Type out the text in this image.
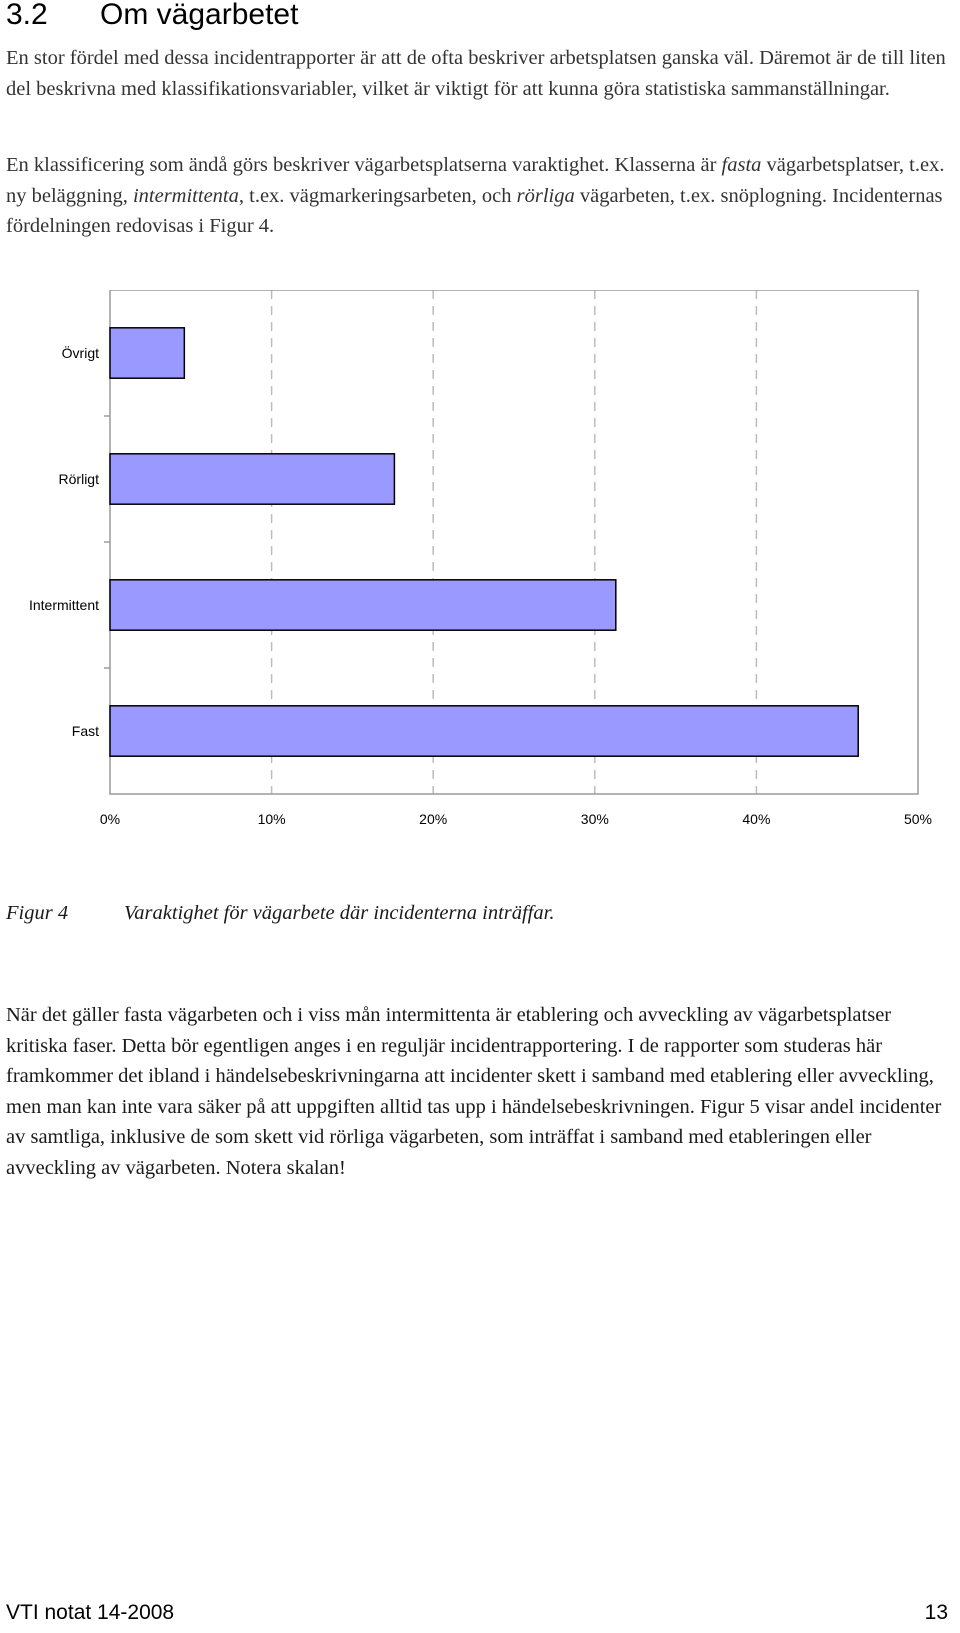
3.2 Om vägarbetet

En stor fördel med dessa incidentrapporter är att de ofta beskriver arbetsplatsen ganska väl. Däremot är de till liten del beskrivna med klassifikationsvariabler, vilket är viktigt för att kunna göra statistiska sammanställningar.

En klassificering som ändå görs beskriver vägarbetsplatserna varaktighet. Klasserna är fasta vägarbetsplatser, t.ex. ny beläggning, intermittenta, t.ex. vägmarkeringsarbeten, och rörliga vägarbeten, t.ex. snöplogning. Incidenternas fördelningen redovisas i Figur 4.

Övrigt
Rörligt
Intermittent
Fast
0%	10%	20%	30%	40%	50%
Figur 4	Varaktighet för vägarbete där incidenterna inträffar.

När det gäller fasta vägarbeten och i viss mån intermittenta är etablering och avveckling av vägarbetsplatser kritiska faser. Detta bör egentligen anges i en reguljär incidentrapportering. I de rapporter som studeras här framkommer det ibland i händelsebeskrivningarna att incidenter skett i samband med etablering eller avveckling, men man kan inte vara säker på att uppgiften alltid tas upp i händelsebeskrivningen. Figur 5 visar andel incidenter av samtliga, inklusive de som skett vid rörliga vägarbeten, som inträffat i samband med etableringen eller avveckling av vägarbeten. Notera skalan!

VTI notat 14-2008	13
